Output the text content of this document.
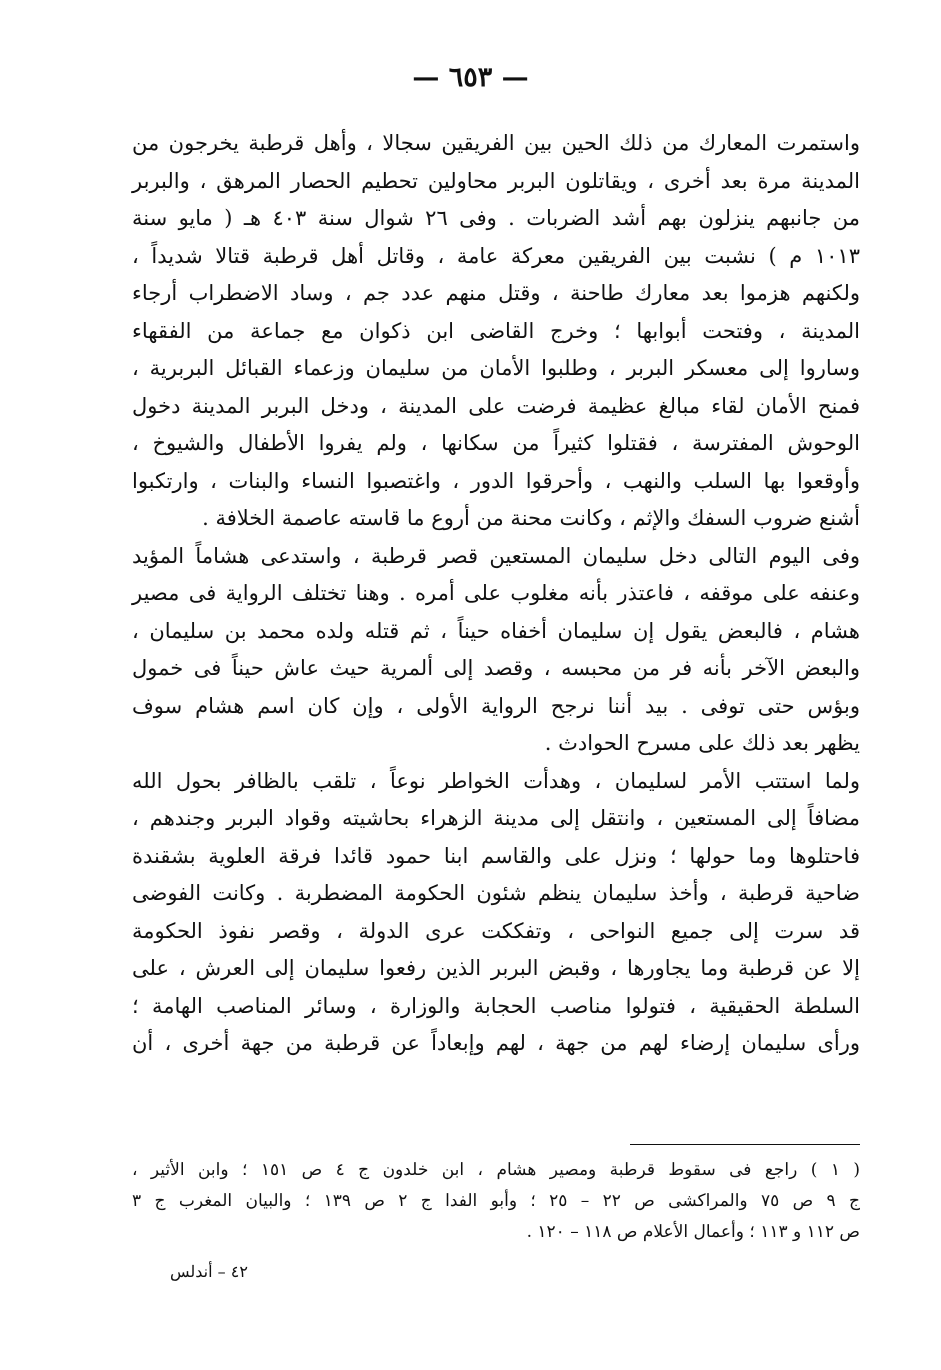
— ٦٥٣ —
واستمرت المعارك من ذلك الحين بين الفريقين سجالا ، وأهل قرطبة يخرجون من
المدينة مرة بعد أخرى ، ويقاتلون البربر محاولين تحطيم الحصار المرهق ، والبربر
من جانبهم ينزلون بهم أشد الضربات . وفى ٢٦ شوال سنة ٤٠٣ هـ ( مايو سنة
١٠١٣ م ) نشبت بين الفريقين معركة عامة ، وقاتل أهل قرطبة قتالا شديداً ،
ولكنهم هزموا بعد معارك طاحنة ، وقتل منهم عدد جم ، وساد الاضطراب أرجاء
المدينة ، وفتحت أبوابها ؛ وخرج القاضى ابن ذكوان مع جماعة من الفقهاء
وساروا إلى معسكر البربر ، وطلبوا الأمان من سليمان وزعماء القبائل البربرية ،
فمنح الأمان لقاء مبالغ عظيمة فرضت على المدينة ، ودخل البربر المدينة دخول
الوحوش المفترسة ، فقتلوا كثيراً من سكانها ، ولم يفروا الأطفال والشيوخ ،
وأوقعوا بها السلب والنهب ، وأحرقوا الدور ، واغتصبوا النساء والبنات ، وارتكبوا
أشنع ضروب السفك والإثم ، وكانت محنة من أروع ما قاسته عاصمة الخلافة .
وفى اليوم التالى دخل سليمان المستعين قصر قرطبة ، واستدعى هشاماً المؤيد
وعنفه على موقفه ، فاعتذر بأنه مغلوب على أمره . وهنا تختلف الرواية فى مصير
هشام ، فالبعض يقول إن سليمان أخفاه حيناً ، ثم قتله ولده محمد بن سليمان ،
والبعض الآخر بأنه فر من محبسه ، وقصد إلى ألمرية حيث عاش حيناً فى خمول
وبؤس حتى توفى . بيد أننا نرجح الرواية الأولى ، وإن كان اسم هشام سوف
يظهر بعد ذلك على مسرح الحوادث .
ولما استتب الأمر لسليمان ، وهدأت الخواطر نوعاً ، تلقب بالظافر بحول الله
مضافاً إلى المستعين ، وانتقل إلى مدينة الزهراء بحاشيته وقواد البربر وجندهم ،
فاحتلوها وما حولها ؛ ونزل على والقاسم ابنا حمود قائدا فرقة العلوية بشقندة
ضاحية قرطبة ، وأخذ سليمان ينظم شئون الحكومة المضطربة . وكانت الفوضى
قد سرت إلى جميع النواحى ، وتفككت عرى الدولة ، وقصر نفوذ الحكومة
إلا عن قرطبة وما يجاورها ، وقبض البربر الذين رفعوا سليمان إلى العرش ، على
السلطة الحقيقية ، فتولوا مناصب الحجابة والوزارة ، وسائر المناصب الهامة ؛
ورأى سليمان إرضاء لهم من جهة ، لهم وإبعاداً عن قرطبة من جهة أخرى ، أن
( ١ ) راجع فى سقوط قرطبة ومصير هشام ، ابن خلدون ج ٤ ص ١٥١ ؛ وابن الأثير ،
ج ٩ ص ٧٥ والمراكشى ص ٢٢ – ٢٥ ؛ وأبو الفدا ج ٢ ص ١٣٩ ؛ والبيان المغرب ج ٣
ص ١١٢ و ١١٣ ؛ وأعمال الأعلام ص ١١٨ – ١٢٠ .
٤٢ – أندلس
